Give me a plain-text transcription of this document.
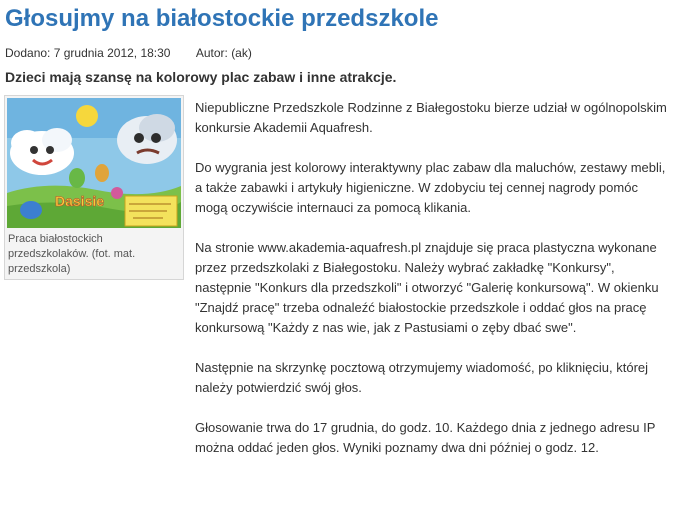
Głosujmy na białostockie przedszkole
Dodano: 7 grudnia 2012, 18:30 Autor: (ak)

Dzieci mają szansę na kolorowy plac zabaw i inne atrakcje.

Dasisie
Praca białostockich przedszkolaków. (fot. mat. przedszkola)

Niepubliczne Przedszkole Rodzinne z Białegostoku bierze udział w ogólnopolskim konkursie Akademii Aquafresh.

Do wygrania jest kolorowy interaktywny plac zabaw dla maluchów, zestawy mebli, a także zabawki i artykuły higieniczne. W zdobyciu tej cennej nagrody pomóc mogą oczywiście internauci za pomocą klikania.

Na stronie www.akademia-aquafresh.pl znajduje się praca plastyczna wykonane przez przedszkolaki z Białegostoku. Należy wybrać zakładkę "Konkursy", następnie "Konkurs dla przedszkoli" i otworzyć "Galerię konkursową". W okienku "Znajdź pracę" trzeba odnaleźć białostockie przedszkole i oddać głos na pracę konkursową "Każdy z nas wie, jak z Pastusiami o zęby dbać swe".

Następnie na skrzynkę pocztową otrzymujemy wiadomość, po kliknięciu, której należy potwierdzić swój głos.

Głosowanie trwa do 17 grudnia, do godz. 10. Każdego dnia z jednego adresu IP można oddać jeden głos. Wyniki poznamy dwa dni później o godz. 12.
